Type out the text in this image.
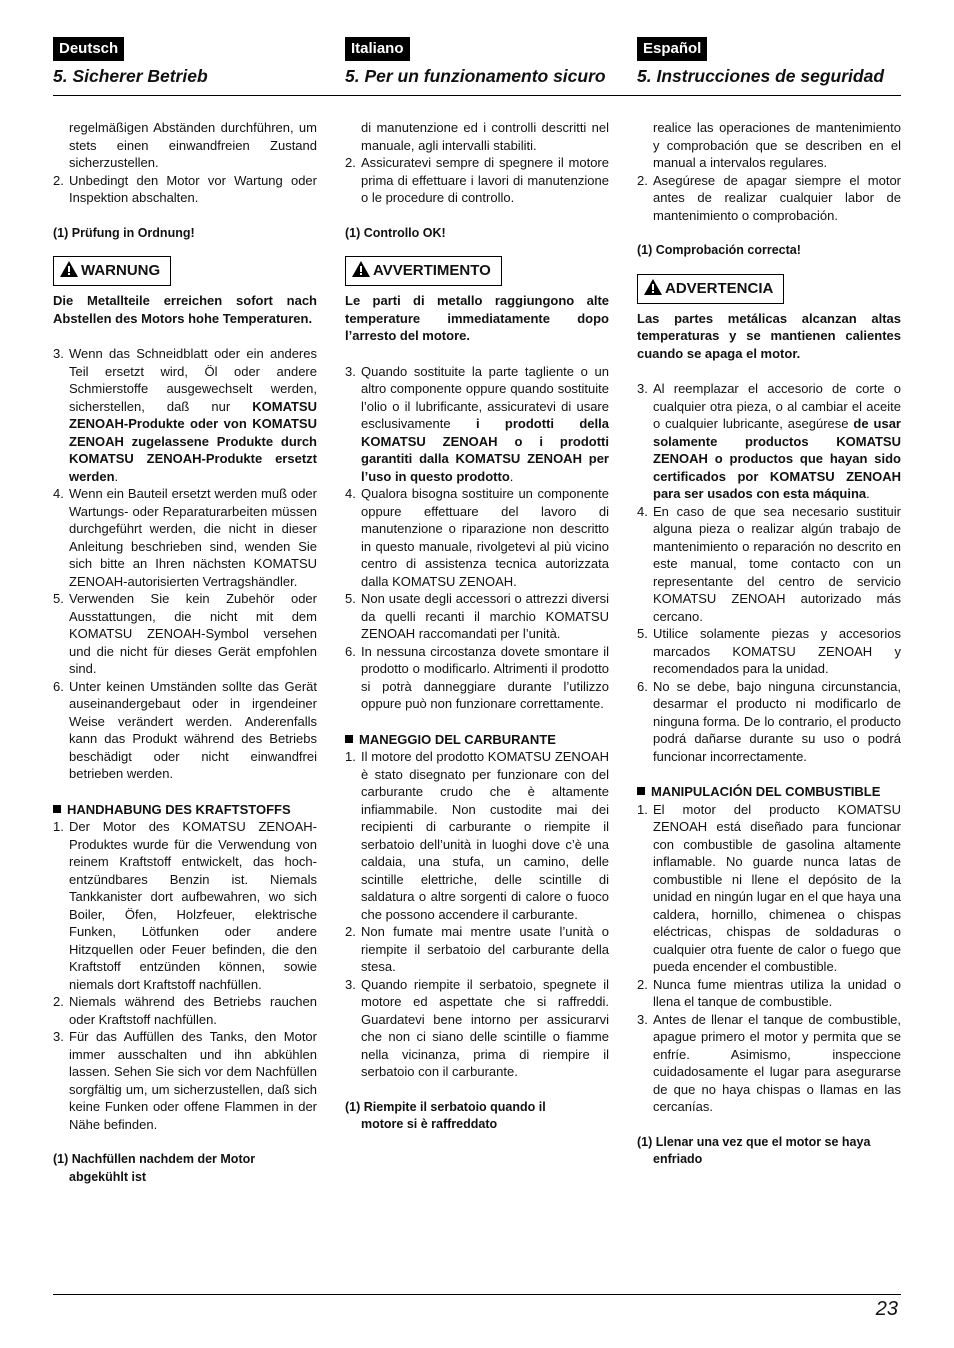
Deutsch
5. Sicherer Betrieb

regelmäßigen Abständen durchführen, um stets einen einwandfreien Zustand sicherzustellen.

2. Unbedingt den Motor vor Wartung oder Inspektion abschalten.

(1) Prüfung in Ordnung!

WARNUNG

Die Metallteile erreichen sofort nach Abstellen des Motors hohe Temperaturen.

3. Wenn das Schneidblatt oder ein anderes Teil ersetzt wird, Öl oder andere Schmierstoffe ausgewechselt werden, sicherstellen, daß nur KOMATSU ZENOAH-Produkte oder von KOMATSU ZENOAH zugelassene Produkte durch KOMATSU ZENOAH-Produkte ersetzt werden.
4. Wenn ein Bauteil ersetzt werden muß oder Wartungs- oder Reparaturarbeiten müssen durchgeführt werden, die nicht in dieser Anleitung beschrieben sind, wenden Sie sich bitte an Ihren nächsten KOMATSU ZENOAH-autorisierten Vertragshändler.
5. Verwenden Sie kein Zubehör oder Ausstattungen, die nicht mit dem KOMATSU ZENOAH-Symbol versehen und die nicht für dieses Gerät empfohlen sind.
6. Unter keinen Umständen sollte das Gerät auseinandergebaut oder in irgendeiner Weise verändert werden. Anderenfalls kann das Produkt während des Betriebs beschädigt oder nicht einwandfrei betrieben werden.

HANDHABUNG DES KRAFTSTOFFS

1. Der Motor des KOMATSU ZENOAH-Produktes wurde für die Verwendung von reinem Kraftstoff entwickelt, das hoch-entzündbares Benzin ist. Niemals Tankkanister dort aufbewahren, wo sich Boiler, Öfen, Holzfeuer, elektrische Funken, Lötfunken oder andere Hitzquellen oder Feuer befinden, die den Kraftstoff entzünden können, sowie niemals dort Kraftstoff nachfüllen.
2. Niemals während des Betriebs rauchen oder Kraftstoff nachfüllen.
3. Für das Auffüllen des Tanks, den Motor immer ausschalten und ihn abkühlen lassen. Sehen Sie sich vor dem Nachfüllen sorgfältig um, um sicherzustellen, daß sich keine Funken oder offene Flammen in der Nähe befinden.

(1) Nachfüllen nachdem der Motor

abgekühlt ist

Italiano
5. Per un funzionamento sicuro

di manutenzione ed i controlli descritti nel manuale, agli intervalli stabiliti.

2. Assicuratevi sempre di spegnere il motore prima di effettuare i lavori di manutenzione o le procedure di controllo.

(1) Controllo OK!

AVVERTIMENTO

Le parti di metallo raggiungono alte temperature immediatamente dopo l’arresto del motore.

3. Quando sostituite la parte tagliente o un altro componente oppure quando sostituite l’olio o il lubrificante, assicuratevi di usare esclusivamente i prodotti della KOMATSU ZENOAH o i prodotti garantiti dalla KOMATSU ZENOAH per l’uso in questo prodotto.
4. Qualora bisogna sostituire un componente oppure effettuare del lavoro di manutenzione o riparazione non descritto in questo manuale, rivolgetevi al più vicino centro di assistenza tecnica autorizzata dalla KOMATSU ZENOAH.
5. Non usate degli accessori o attrezzi diversi da quelli recanti il marchio KOMATSU ZENOAH raccomandati per l’unità.
6. In nessuna circostanza dovete smontare il prodotto o modificarlo. Altrimenti il prodotto si potrà danneggiare durante l’utilizzo oppure può non funzionare correttamente.

MANEGGIO DEL CARBURANTE

1. Il motore del prodotto KOMATSU ZENOAH è stato disegnato per funzionare con del carburante crudo che è altamente infiammabile. Non custodite mai dei recipienti di carburante o riempite il serbatoio dell’unità in luoghi dove c’è una caldaia, una stufa, un camino, delle scintille elettriche, delle scintille di saldatura o altre sorgenti di calore o fuoco che possono accendere il carburante.
2. Non fumate mai mentre usate l’unità o riempite il serbatoio del carburante della stesa.
3. Quando riempite il serbatoio, spegnete il motore ed aspettate che si raffreddi. Guardatevi bene intorno per assicurarvi che non ci siano delle scintille o fiamme nella vicinanza, prima di riempire il serbatoio con il carburante.

(1) Riempite il serbatoio quando il

motore si è raffreddato

Español
5. Instrucciones de seguridad

realice las operaciones de mantenimiento y comprobación que se describen en el manual a intervalos regulares.

2. Asegúrese de apagar siempre el motor antes de realizar cualquier labor de mantenimiento o comprobación.

(1) Comprobación correcta!

ADVERTENCIA

Las partes metálicas alcanzan altas temperaturas y se mantienen calientes cuando se apaga el motor.

3. Al reemplazar el accesorio de corte o cualquier otra pieza, o al cambiar el aceite o cualquier lubricante, asegúrese de usar solamente productos KOMATSU ZENOAH o productos que hayan sido certificados por KOMATSU ZENOAH para ser usados con esta máquina.
4. En caso de que sea necesario sustituir alguna pieza o realizar algún trabajo de mantenimiento o reparación no descrito en este manual, tome contacto con un representante del centro de servicio KOMATSU ZENOAH autorizado más cercano.
5. Utilice solamente piezas y accesorios marcados KOMATSU ZENOAH y recomendados para la unidad.
6. No se debe, bajo ninguna circunstancia, desarmar el producto ni modificarlo de ninguna forma. De lo contrario, el producto podrá dañarse durante su uso o podrá funcionar incorrectamente.

MANIPULACIÓN DEL COMBUSTIBLE

1. El motor del producto KOMATSU ZENOAH está diseñado para funcionar con combustible de gasolina altamente inflamable. No guarde nunca latas de combustible ni llene el depósito de la unidad en ningún lugar en el que haya una caldera, hornillo, chimenea o chispas eléctricas, chispas de soldaduras o cualquier otra fuente de calor o fuego que pueda encender el combustible.
2. Nunca fume mientras utiliza la unidad o llena el tanque de combustible.
3. Antes de llenar el tanque de combustible, apague primero el motor y permita que se enfríe. Asimismo, inspeccione cuidadosamente el lugar para asegurarse de que no haya chispas o llamas en las cercanías.

(1) Llenar una vez que el motor se haya

enfriado

23
